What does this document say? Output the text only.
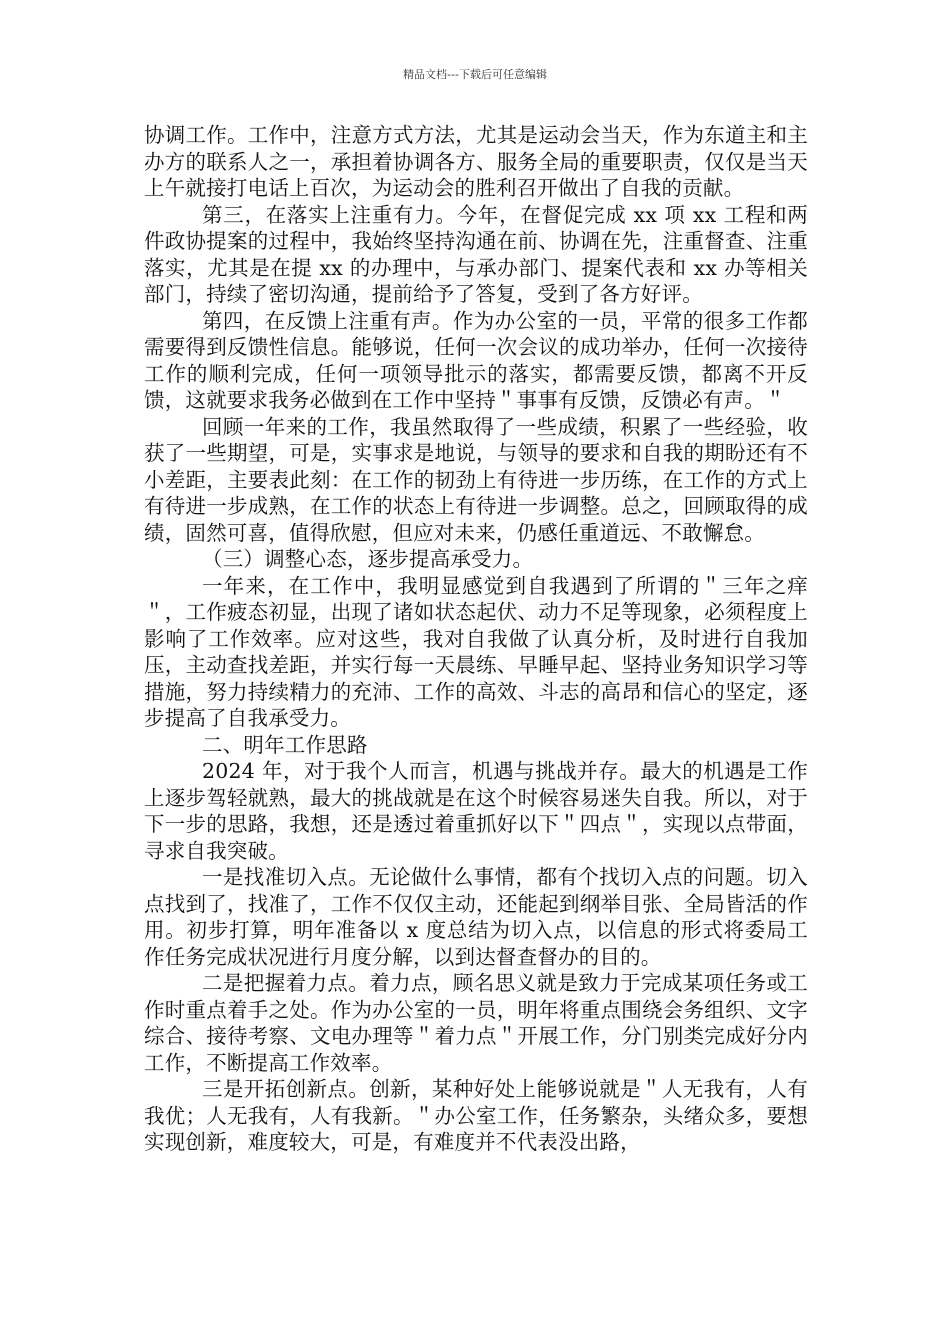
精品文档---下载后可任意编辑

协调工作。工作中，注意方式方法，尤其是运动会当天，作为东道主和主办方的联系人之一，承担着协调各方、服务全局的重要职责，仅仅是当天上午就接打电话上百次，为运动会的胜利召开做出了自我的贡献。

第三，在落实上注重有力。今年，在督促完成 xx 项 xx 工程和两件政协提案的过程中，我始终坚持沟通在前、协调在先，注重督查、注重落实，尤其是在提 xx 的办理中，与承办部门、提案代表和 xx 办等相关部门，持续了密切沟通，提前给予了答复，受到了各方好评。

第四，在反馈上注重有声。作为办公室的一员，平常的很多工作都需要得到反馈性信息。能够说，任何一次会议的成功举办，任何一次接待工作的顺利完成，任何一项领导批示的落实，都需要反馈，都离不开反馈，这就要求我务必做到在工作中坚持＂事事有反馈，反馈必有声。＂

回顾一年来的工作，我虽然取得了一些成绩，积累了一些经验，收获了一些期望，可是，实事求是地说，与领导的要求和自我的期盼还有不小差距，主要表此刻：在工作的韧劲上有待进一步历练，在工作的方式上有待进一步成熟，在工作的状态上有待进一步调整。总之，回顾取得的成绩，固然可喜，值得欣慰，但应对未来，仍感任重道远、不敢懈怠。

（三）调整心态，逐步提高承受力。

一年来，在工作中，我明显感觉到自我遇到了所谓的＂三年之痒＂，工作疲态初显，出现了诸如状态起伏、动力不足等现象，必须程度上影响了工作效率。应对这些，我对自我做了认真分析，及时进行自我加压，主动查找差距，并实行每一天晨练、早睡早起、坚持业务知识学习等措施，努力持续精力的充沛、工作的高效、斗志的高昂和信心的坚定，逐步提高了自我承受力。

二、明年工作思路

2024 年，对于我个人而言，机遇与挑战并存。最大的机遇是工作上逐步驾轻就熟，最大的挑战就是在这个时候容易迷失自我。所以，对于下一步的思路，我想，还是透过着重抓好以下＂四点＂，实现以点带面，寻求自我突破。

一是找准切入点。无论做什么事情，都有个找切入点的问题。切入点找到了，找准了，工作不仅仅主动，还能起到纲举目张、全局皆活的作用。初步打算，明年准备以 x 度总结为切入点，以信息的形式将委局工作任务完成状况进行月度分解，以到达督查督办的目的。

二是把握着力点。着力点，顾名思义就是致力于完成某项任务或工作时重点着手之处。作为办公室的一员，明年将重点围绕会务组织、文字综合、接待考察、文电办理等＂着力点＂开展工作，分门别类完成好分内工作，不断提高工作效率。

三是开拓创新点。创新，某种好处上能够说就是＂人无我有，人有我优；人无我有，人有我新。＂办公室工作，任务繁杂，头绪众多，要想实现创新，难度较大，可是，有难度并不代表没出路，
